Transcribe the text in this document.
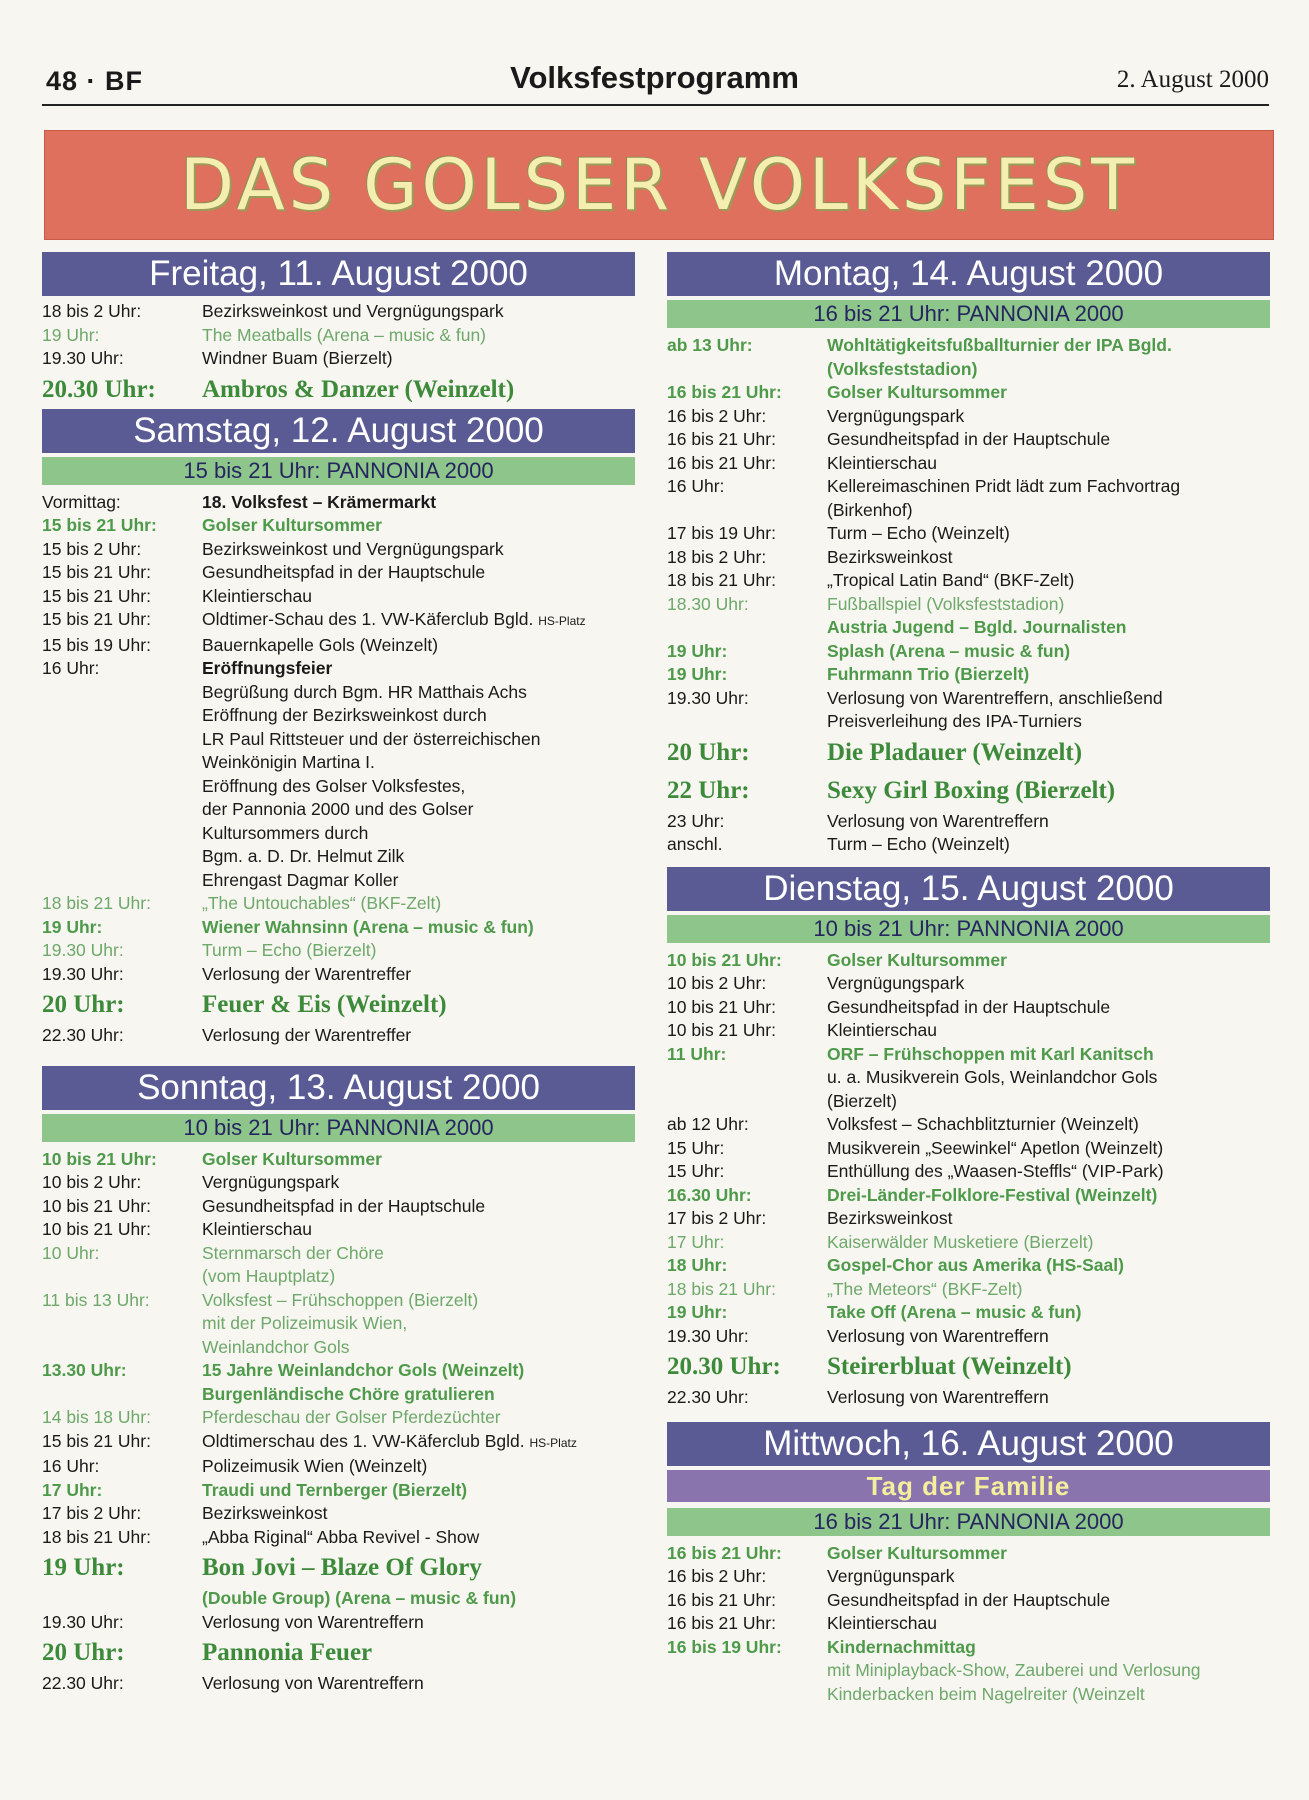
48 · BF	Volksfestprogramm	2. August 2000
DAS GOLSER VOLKSFEST
Freitag, 11. August 2000
18 bis 2 Uhr:	Bezirksweinkost und Vergnügungspark
19 Uhr:	The Meatballs (Arena – music & fun)
19.30 Uhr:	Windner Buam (Bierzelt)
20.30 Uhr:	Ambros & Danzer (Weinzelt)
Samstag, 12. August 2000
15 bis 21 Uhr: PANNONIA 2000
Vormittag:	18. Volksfest – Krämermarkt
15 bis 21 Uhr:	Golser Kultursommer
15 bis 2 Uhr:	Bezirksweinkost und Vergnügungspark
15 bis 21 Uhr:	Gesundheitspfad in der Hauptschule
15 bis 21 Uhr:	Kleintierschau
15 bis 21 Uhr:	Oldtimer-Schau des 1. VW-Käferclub Bgld. HS-Platz
15 bis 19 Uhr:	Bauernkapelle Gols (Weinzelt)
16 Uhr:	Eröffnungsfeier
Begrüßung durch Bgm. HR Matthais Achs
Eröffnung der Bezirksweinkost durch
LR Paul Rittsteuer und der österreichischen
Weinkönigin Martina I.
Eröffnung des Golser Volksfestes,
der Pannonia 2000 und des Golser
Kultursommers durch
Bgm. a. D. Dr. Helmut Zilk
Ehrengast Dagmar Koller
18 bis 21 Uhr:	„The Untouchables“ (BKF-Zelt)
19 Uhr:	Wiener Wahnsinn (Arena – music & fun)
19.30 Uhr:	Turm – Echo (Bierzelt)
19.30 Uhr:	Verlosung der Warentreffer
20 Uhr:	Feuer & Eis (Weinzelt)
22.30 Uhr:	Verlosung der Warentreffer
Sonntag, 13. August 2000
10 bis 21 Uhr: PANNONIA 2000
10 bis 21 Uhr:	Golser Kultursommer
10 bis 2 Uhr:	Vergnügungspark
10 bis 21 Uhr:	Gesundheitspfad in der Hauptschule
10 bis 21 Uhr:	Kleintierschau
10 Uhr:	Sternmarsch der Chöre
(vom Hauptplatz)
11 bis 13 Uhr:	Volksfest – Frühschoppen (Bierzelt)
mit der Polizeimusik Wien,
Weinlandchor Gols
13.30 Uhr:	15 Jahre Weinlandchor Gols (Weinzelt)
Burgenländische Chöre gratulieren
14 bis 18 Uhr:	Pferdeschau der Golser Pferdezüchter
15 bis 21 Uhr:	Oldtimerschau des 1. VW-Käferclub Bgld. HS-Platz
16 Uhr:	Polizeimusik Wien (Weinzelt)
17 Uhr:	Traudi und Ternberger (Bierzelt)
17 bis 2 Uhr:	Bezirksweinkost
18 bis 21 Uhr:	„Abba Riginal“ Abba Revivel - Show
19 Uhr:	Bon Jovi – Blaze Of Glory
(Double Group) (Arena – music & fun)
19.30 Uhr:	Verlosung von Warentreffern
20 Uhr:	Pannonia Feuer
22.30 Uhr:	Verlosung von Warentreffern
Montag, 14. August 2000
16 bis 21 Uhr: PANNONIA 2000
ab 13 Uhr:	Wohltätigkeitsfußballturnier der IPA Bgld.
(Volksfeststadion)
16 bis 21 Uhr:	Golser Kultursommer
16 bis 2 Uhr:	Vergnügungspark
16 bis 21 Uhr:	Gesundheitspfad in der Hauptschule
16 bis 21 Uhr:	Kleintierschau
16 Uhr:	Kellereimaschinen Pridt lädt zum Fachvortrag
(Birkenhof)
17 bis 19 Uhr:	Turm – Echo (Weinzelt)
18 bis 2 Uhr:	Bezirksweinkost
18 bis 21 Uhr:	„Tropical Latin Band“ (BKF-Zelt)
18.30 Uhr:	Fußballspiel (Volksfeststadion)
Austria Jugend – Bgld. Journalisten
19 Uhr:	Splash (Arena – music & fun)
19 Uhr:	Fuhrmann Trio (Bierzelt)
19.30 Uhr:	Verlosung von Warentreffern, anschließend
Preisverleihung des IPA-Turniers
20 Uhr:	Die Pladauer (Weinzelt)
22 Uhr:	Sexy Girl Boxing (Bierzelt)
23 Uhr:	Verlosung von Warentreffern
anschl.	Turm – Echo (Weinzelt)
Dienstag, 15. August 2000
10 bis 21 Uhr: PANNONIA 2000
10 bis 21 Uhr:	Golser Kultursommer
10 bis 2 Uhr:	Vergnügungspark
10 bis 21 Uhr:	Gesundheitspfad in der Hauptschule
10 bis 21 Uhr:	Kleintierschau
11 Uhr:	ORF – Frühschoppen mit Karl Kanitsch
u. a. Musikverein Gols, Weinlandchor Gols
(Bierzelt)
ab 12 Uhr:	Volksfest – Schachblitzturnier (Weinzelt)
15 Uhr:	Musikverein „Seewinkel“ Apetlon (Weinzelt)
15 Uhr:	Enthüllung des „Waasen-Steffls“ (VIP-Park)
16.30 Uhr:	Drei-Länder-Folklore-Festival (Weinzelt)
17 bis 2 Uhr:	Bezirksweinkost
17 Uhr:	Kaiserwälder Musketiere (Bierzelt)
18 Uhr:	Gospel-Chor aus Amerika (HS-Saal)
18 bis 21 Uhr:	„The Meteors“ (BKF-Zelt)
19 Uhr:	Take Off (Arena – music & fun)
19.30 Uhr:	Verlosung von Warentreffern
20.30 Uhr:	Steirerbluat (Weinzelt)
22.30 Uhr:	Verlosung von Warentreffern
Mittwoch, 16. August 2000
Tag der Familie
16 bis 21 Uhr: PANNONIA 2000
16 bis 21 Uhr:	Golser Kultursommer
16 bis 2 Uhr:	Vergnügunspark
16 bis 21 Uhr:	Gesundheitspfad in der Hauptschule
16 bis 21 Uhr:	Kleintierschau
16 bis 19 Uhr:	Kindernachmittag
mit Miniplayback-Show, Zauberei und Verlosung
Kinderbacken beim Nagelreiter (Weinzelt
